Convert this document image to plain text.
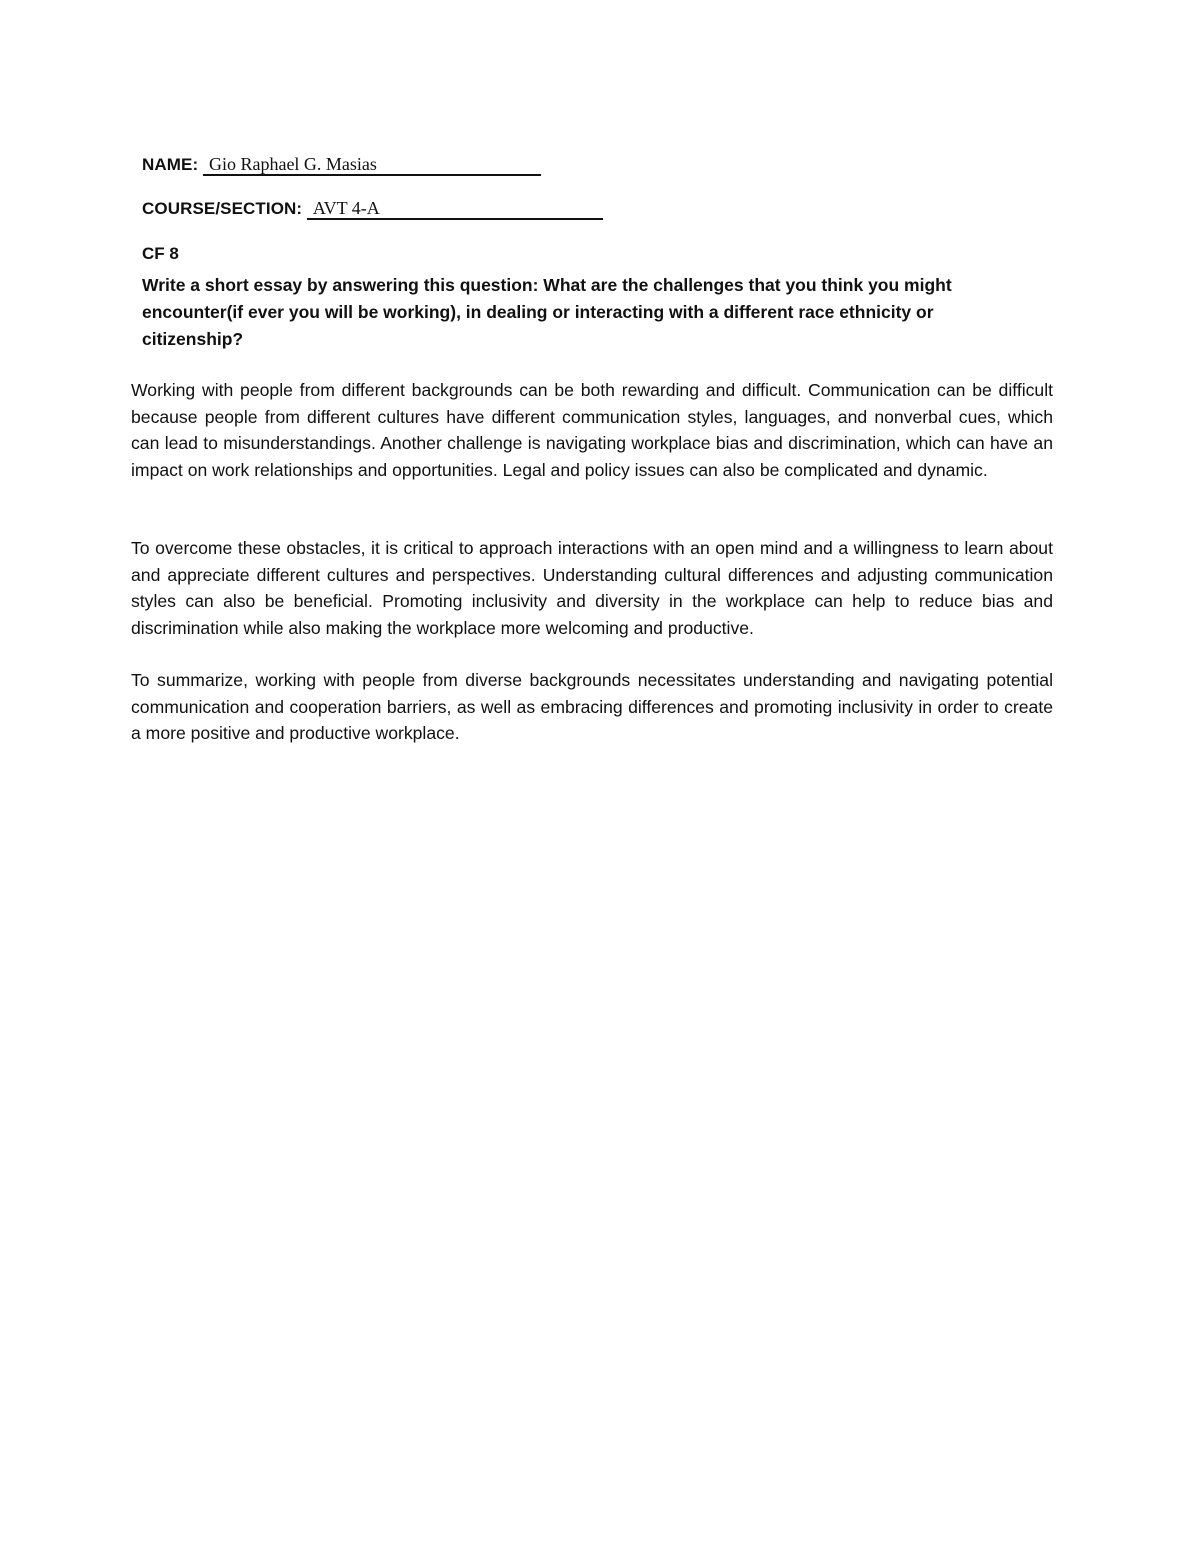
NAME: Gio Raphael G. Masias
COURSE/SECTION: AVT 4-A
CF 8
Write a short essay by answering this question: What are the challenges that you think you might encounter(if ever you will be working), in dealing or interacting with a different race ethnicity or citizenship?

Working with people from different backgrounds can be both rewarding and difficult. Communication can be difficult because people from different cultures have different communication styles, languages, and nonverbal cues, which can lead to misunderstandings. Another challenge is navigating workplace bias and discrimination, which can have an impact on work relationships and opportunities. Legal and policy issues can also be complicated and dynamic.

To overcome these obstacles, it is critical to approach interactions with an open mind and a willingness to learn about and appreciate different cultures and perspectives. Understanding cultural differences and adjusting communication styles can also be beneficial. Promoting inclusivity and diversity in the workplace can help to reduce bias and discrimination while also making the workplace more welcoming and productive.

To summarize, working with people from diverse backgrounds necessitates understanding and navigating potential communication and cooperation barriers, as well as embracing differences and promoting inclusivity in order to create a more positive and productive workplace.
